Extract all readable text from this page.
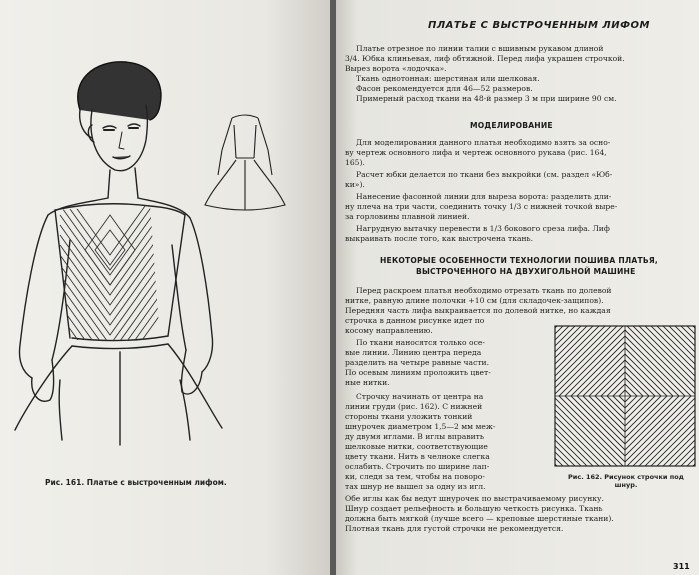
Рис. 161. Платье с выстроченным лифом.
ПЛАТЬЕ С ВЫСТРОЧЕННЫМ ЛИФОМ
Платье отрезное по линии талии с вшивным рукавом длиной
3/4. Юбка клиньевая, лиф обтяжной. Перед лифа украшен строчкой.
Вырез ворота «лодочка».
Ткань однотонная: шерстяная или шелковая.
Фасон рекомендуется для 46—52 размеров.
Примерный расход ткани на 48-й размер 3 м при ширине 90 см.
МОДЕЛИРОВАНИЕ
Для моделирования данного платья необходимо взять за осно-
ву чертеж основного лифа и чертеж основного рукава (рис. 164,
165).
Расчет юбки делается по ткани без выкройки (см. раздел «Юб-
ки»).
Нанесение фасонной линии для выреза ворота: разделить дли-
ну плеча на три части, соединить точку 1/3 с нижней точкой выре-
за горловины плавной линией.
Нагрудную вытачку перевести в 1/3 бокового среза лифа. Лиф
выкраивать после того, как выстрочена ткань.
НЕКОТОРЫЕ ОСОБЕННОСТИ ТЕХНОЛОГИИ ПОШИВА ПЛАТЬЯ,
ВЫСТРОЧЕННОГО НА ДВУХИГОЛЬНОЙ МАШИНЕ
Перед раскроем платья необходимо отрезать ткань по долевой
нитке, равную длине полочки +10 см (для складочек-защипов).
Передняя часть лифа выкраивается по долевой нитке, но каждая
строчка в данном рисунке идет по
косому направлению.
По ткани наносятся только осе-
вые линии. Линию центра переда
разделить на четыре равные части.
По осевым линиям проложить цвет-
ные нитки.
Строчку начинать от центра на
линии груди (рис. 162). С нижней
стороны ткани уложить тонкий
шнурочек диаметром 1,5—2 мм меж-
ду двумя иглами. В иглы вправить
шелковые нитки, соответствующие
цвету ткани. Нить в челноке слегка
ослабить. Строчить по ширине лап-
ки, следя за тем, чтобы на поворо-
тах шнур не вышел за одну из игл.
Обе иглы как бы ведут шнурочек по выстрачиваемому рисунку.
Шнур создает рельефность и большую четкость рисунка. Ткань
должна быть мягкой (лучше всего — креповые шерстяные ткани).
Плотная ткань для густой строчки не рекомендуется.
Рис. 162. Рисунок строчки под шнур.
311
